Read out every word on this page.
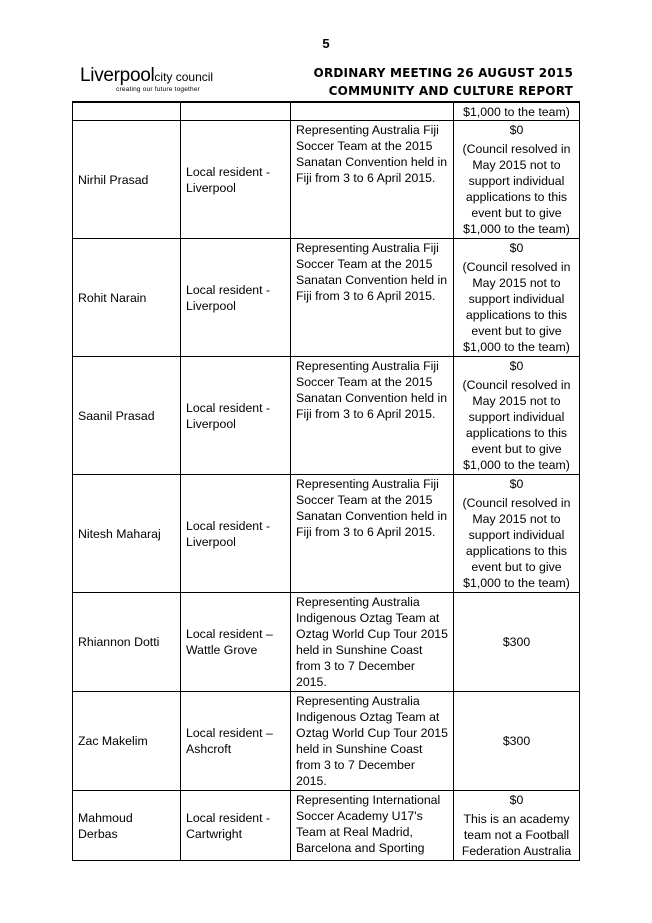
5
Liverpoolcity council
creating our future together
ORDINARY MEETING 26 AUGUST 2015
COMMUNITY AND CULTURE REPORT
			$1,000 to the team)
Nirhil Prasad	Local resident - Liverpool	Representing Australia Fiji Soccer Team at the 2015 Sanatan Convention held in Fiji from 3 to 6 April 2015.	$0
(Council resolved in May 2015 not to support individual applications to this event but to give $1,000 to the team)

Rohit Narain	Local resident - Liverpool	Representing Australia Fiji Soccer Team at the 2015 Sanatan Convention held in Fiji from 3 to 6 April 2015.	$0
(Council resolved in May 2015 not to support individual applications to this event but to give $1,000 to the team)

Saanil Prasad	Local resident - Liverpool	Representing Australia Fiji Soccer Team at the 2015 Sanatan Convention held in Fiji from 3 to 6 April 2015.	$0
(Council resolved in May 2015 not to support individual applications to this event but to give $1,000 to the team)

Nitesh Maharaj	Local resident - Liverpool	Representing Australia Fiji Soccer Team at the 2015 Sanatan Convention held in Fiji from 3 to 6 April 2015.	$0
(Council resolved in May 2015 not to support individual applications to this event but to give $1,000 to the team)

Rhiannon Dotti	Local resident – Wattle Grove	Representing Australia Indigenous Oztag Team at Oztag World Cup Tour 2015 held in Sunshine Coast from 3 to 7 December 2015.	$300

Zac Makelim	Local resident – Ashcroft	Representing Australia Indigenous Oztag Team at Oztag World Cup Tour 2015 held in Sunshine Coast from 3 to 7 December 2015.	$300

Mahmoud Derbas	Local resident - Cartwright	Representing International Soccer Academy U17's Team at Real Madrid, Barcelona and Sporting	$0
This is an academy team not a Football Federation Australia
